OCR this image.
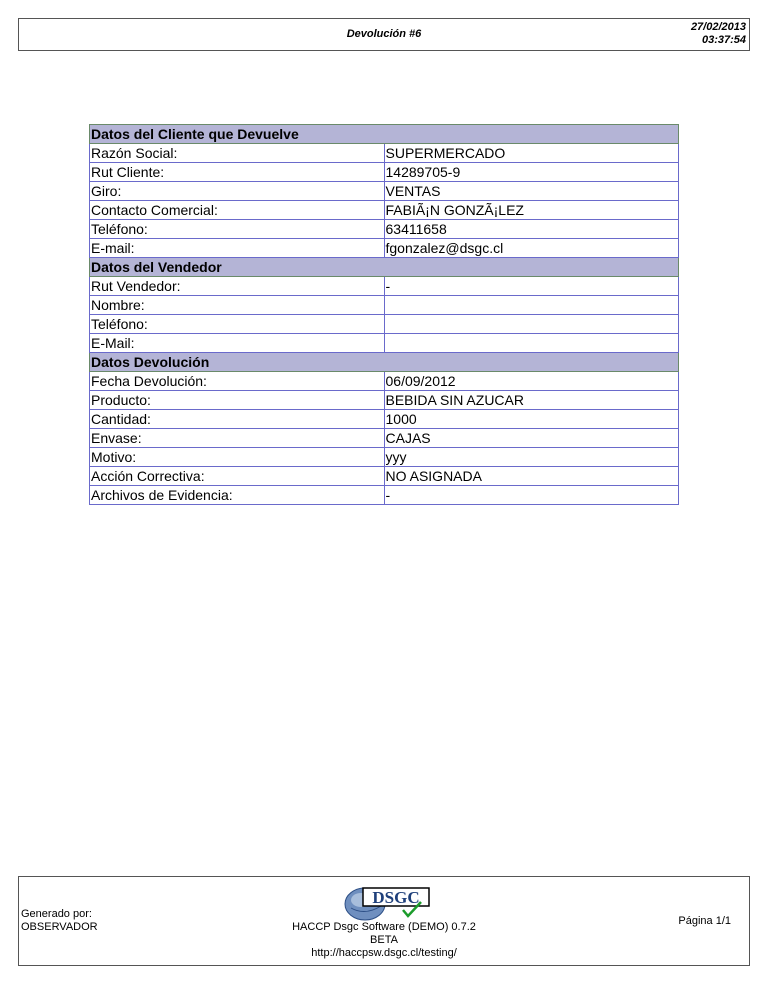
Devolución #6
27/02/2013
03:37:54
Datos del Cliente que Devuelve	
Razón Social:	SUPERMERCADO
Rut Cliente:	14289705-9
Giro:	VENTAS
Contacto Comercial:	FABIÃ¡N GONZÃ¡LEZ
Teléfono:	63411658
E-mail:	fgonzalez@dsgc.cl
Datos del Vendedor	
Rut Vendedor:	-
Nombre:	
Teléfono:	
E-Mail:	
Datos Devolución	
Fecha Devolución:	06/09/2012
Producto:	BEBIDA SIN AZUCAR
Cantidad:	1000
Envase:	CAJAS
Motivo:	yyy
Acción Correctiva:	NO ASIGNADA
Archivos de Evidencia:	-
DSGC
Generado por:
OBSERVADOR	HACCP Dsgc Software (DEMO) 0.7.2
BETA
http://haccpsw.dsgc.cl/testing/
Página 1/1
